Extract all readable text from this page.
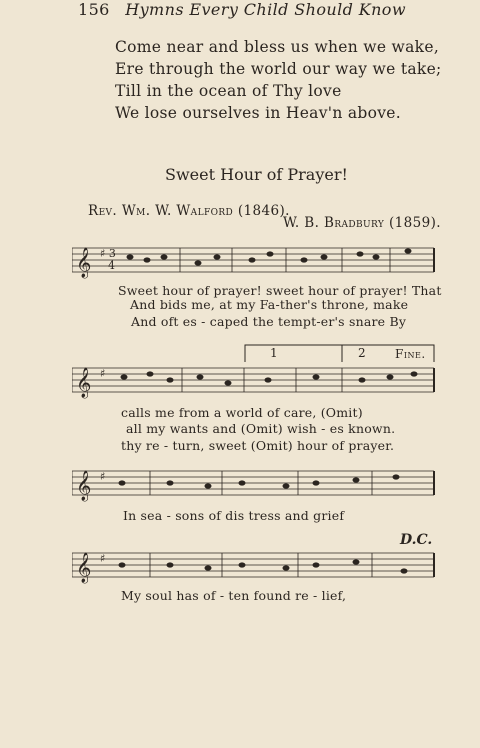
156 Hymns Every Child Should Know
Come near and bless us when we wake,
Ere through the world our way we take;
Till in the ocean of Thy love
We lose ourselves in Heav'n above.
Sweet Hour of Prayer!
Rev. Wm. W. Walford (1846).
W. B. Bradbury (1859).
𝄞 ♯ 3
4
Sweet hour of prayer! sweet hour of prayer! That
And bids me, at my Fa-ther's throne, make
And oft es - caped the tempt-er's snare By
1	2 Fine.
𝄞 ♯
calls me from a world of care, (Omit)
all my wants and (Omit) wish - es known.
thy re - turn, sweet (Omit) hour of prayer.
𝄞 ♯
In sea - sons of dis tress and grief
D.C.
𝄞 ♯
My soul has of - ten found re - lief,
